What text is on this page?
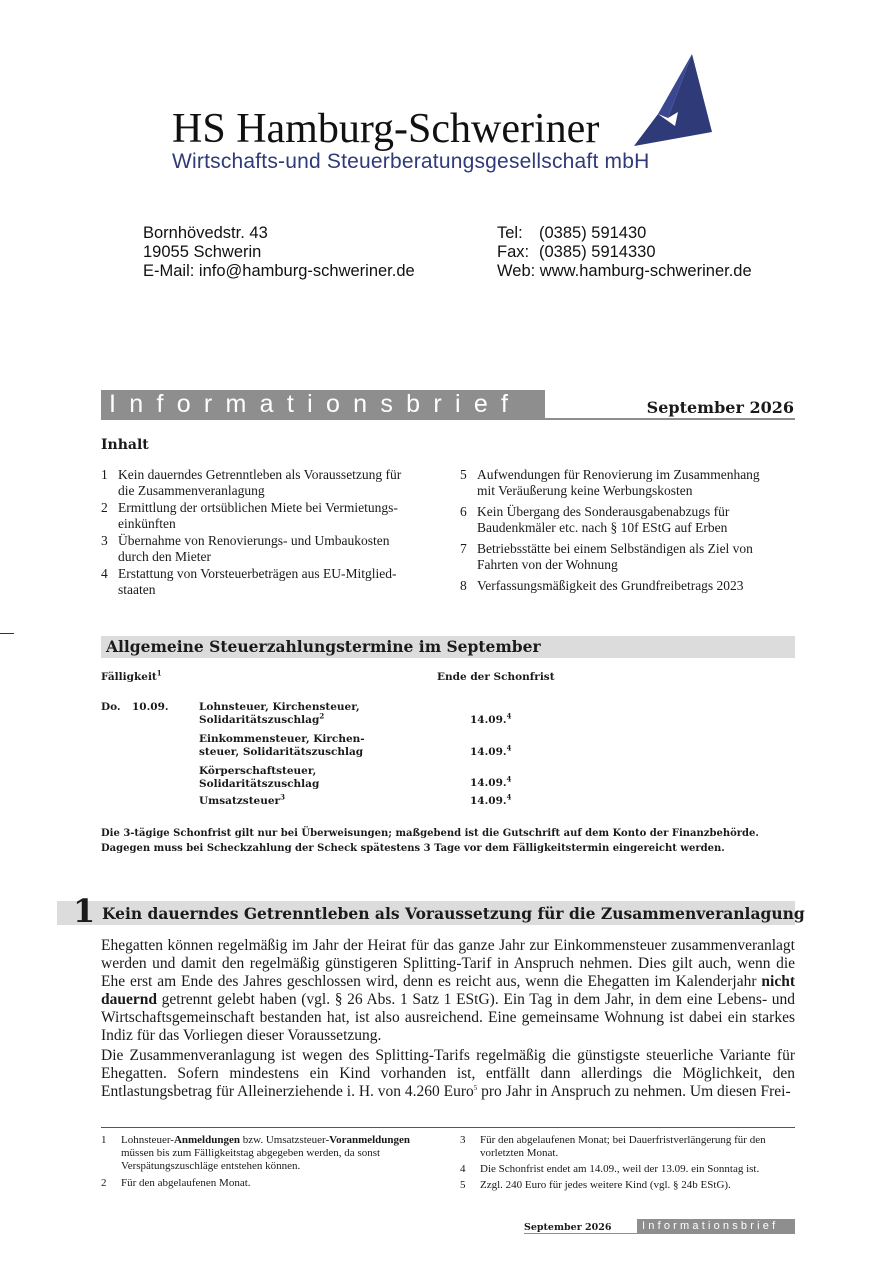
HS Hamburg-Schweriner
Wirtschafts-und Steuerberatungsgesellschaft mbH
Bornhövedstr. 43
19055 Schwerin
E-Mail: info@hamburg-schweriner.de
Tel: (0385) 591430
Fax: (0385) 5914330
Web: www.hamburg-schweriner.de
Informationsbrief	September 2026
Inhalt
1 Kein dauerndes Getrenntleben als Voraussetzung für
die Zusammenveranlagung
2 Ermittlung der ortsüblichen Miete bei Vermietungs-
einkünften
3 Übernahme von Renovierungs- und Umbaukosten
durch den Mieter
4 Erstattung von Vorsteuerbeträgen aus EU-Mitglied-
staaten
5 Aufwendungen für Renovierung im Zusammenhang
mit Veräußerung keine Werbungskosten
6 Kein Übergang des Sonderausgabenabzugs für
Baudenkmäler etc. nach § 10f EStG auf Erben
7 Betriebsstätte bei einem Selbständigen als Ziel von
Fahrten von der Wohnung
8 Verfassungsmäßigkeit des Grundfreibetrags 2023
Allgemeine Steuerzahlungstermine im September
Fälligkeit$^1$	Ende der Schonfrist
Do. 10.09.	Lohnsteuer, Kirchensteuer,
Solidaritätszuschlag$^2$	14.09.$^4$
Einkommensteuer, Kirchen-
steuer, Solidaritätszuschlag	14.09.$^4$
Körperschaftsteuer,
Solidaritätszuschlag	14.09.$^4$
Umsatzsteuer$^3$	14.09.$^4$
Die 3-tägige Schonfrist gilt nur bei Überweisungen; maßgebend ist die Gutschrift auf dem Konto der Finanzbehörde.
Dagegen muss bei Scheckzahlung der Scheck spätestens 3 Tage vor dem Fälligkeitstermin eingereicht werden.
1 Kein dauerndes Getrenntleben als Voraussetzung für die Zusammenveranlagung
Ehegatten können regelmäßig im Jahr der Heirat für das ganze Jahr zur Einkommensteuer zusammenveranlagt werden und damit den regelmäßig günstigeren Splitting-Tarif in Anspruch nehmen. Dies gilt auch, wenn die Ehe erst am Ende des Jahres geschlossen wird, denn es reicht aus, wenn die Ehegatten im Kalenderjahr nicht dauernd getrennt gelebt haben (vgl. § 26 Abs. 1 Satz 1 EStG). Ein Tag in dem Jahr, in dem eine Lebens- und Wirtschaftsgemeinschaft bestanden hat, ist also ausreichend. Eine gemeinsame Wohnung ist dabei ein starkes Indiz für das Vorliegen dieser Voraussetzung.
Die Zusammenveranlagung ist wegen des Splitting-Tarifs regelmäßig die günstigste steuerliche Variante für Ehegatten. Sofern mindestens ein Kind vorhanden ist, entfällt dann allerdings die Möglichkeit, den Entlastungsbetrag für Alleinerziehende i. H. von 4.260 Euro$^5$ pro Jahr in Anspruch zu nehmen. Um diesen Frei-
1	Lohnsteuer-Anmeldungen bzw. Umsatzsteuer-Voranmeldungen müssen bis zum Fälligkeitstag abgegeben werden, da sonst Verspätungszuschläge entstehen können.
2	Für den abgelaufenen Monat.
3	Für den abgelaufenen Monat; bei Dauerfristverlängerung für den vorletzten Monat.
4	Die Schonfrist endet am 14.09., weil der 13.09. ein Sonntag ist.
5	Zzgl. 240 Euro für jedes weitere Kind (vgl. § 24b EStG).
September 2026	Informationsbrief
